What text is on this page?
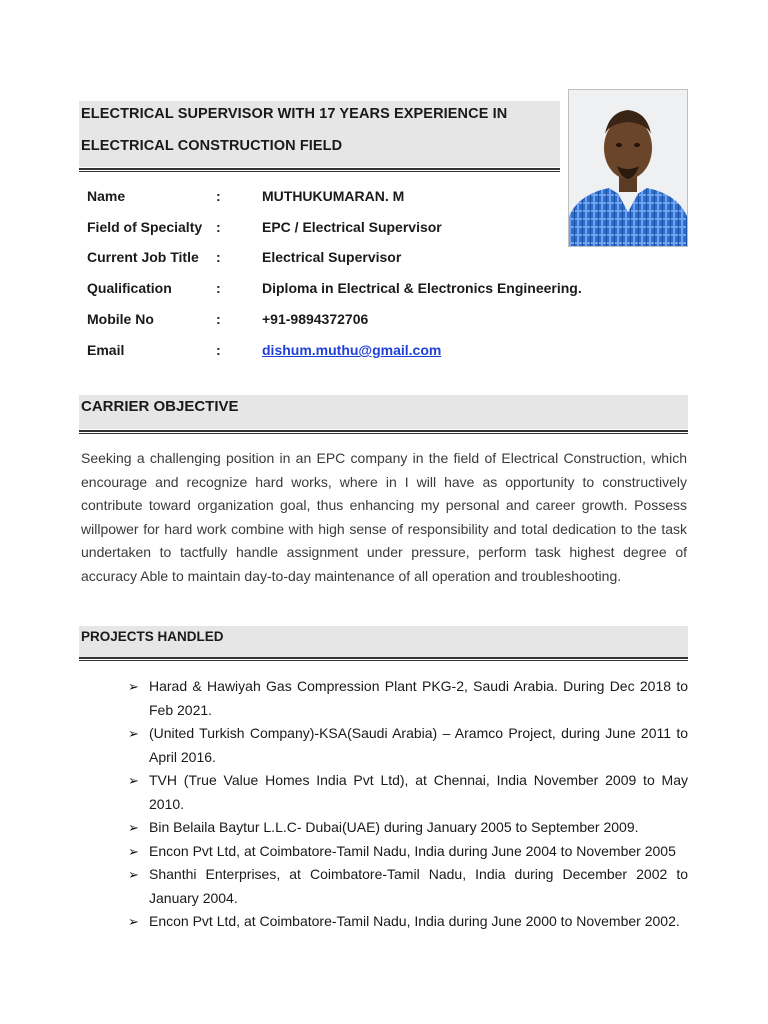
ELECTRICAL SUPERVISOR WITH 17 YEARS EXPERIENCE IN
ELECTRICAL CONSTRUCTION FIELD
Name	:	MUTHUKUMARAN. M
Field of Specialty :	EPC / Electrical Supervisor
Current Job Title :	Electrical Supervisor
Qualification	:	Diploma in Electrical & Electronics Engineering.
Mobile No	:	+91-9894372706
Email	:	dishum.muthu@gmail.com
CARRIER OBJECTIVE
Seeking a challenging position in an EPC company in the field of Electrical Construction, which encourage and recognize hard works, where in I will have as opportunity to constructively contribute toward organization goal, thus enhancing my personal and career growth. Possess willpower for hard work combine with high sense of responsibility and total dedication to the task undertaken to tactfully handle assignment under pressure, perform task highest degree of accuracy Able to maintain day-to-day maintenance of all operation and troubleshooting.
PROJECTS HANDLED
➢ Harad & Hawiyah Gas Compression Plant PKG-2, Saudi Arabia. During Dec 2018 to Feb 2021.
➢ (United Turkish Company)-KSA(Saudi Arabia) – Aramco Project, during June 2011 to April 2016.
➢ TVH (True Value Homes India Pvt Ltd), at Chennai, India November 2009 to May 2010.
➢ Bin Belaila Baytur L.L.C- Dubai(UAE) during January 2005 to September 2009.
➢ Encon Pvt Ltd, at Coimbatore-Tamil Nadu, India during June 2004 to November 2005
➢ Shanthi Enterprises, at Coimbatore-Tamil Nadu, India during December 2002 to January 2004.
➢ Encon Pvt Ltd, at Coimbatore-Tamil Nadu, India during June 2000 to November 2002.
